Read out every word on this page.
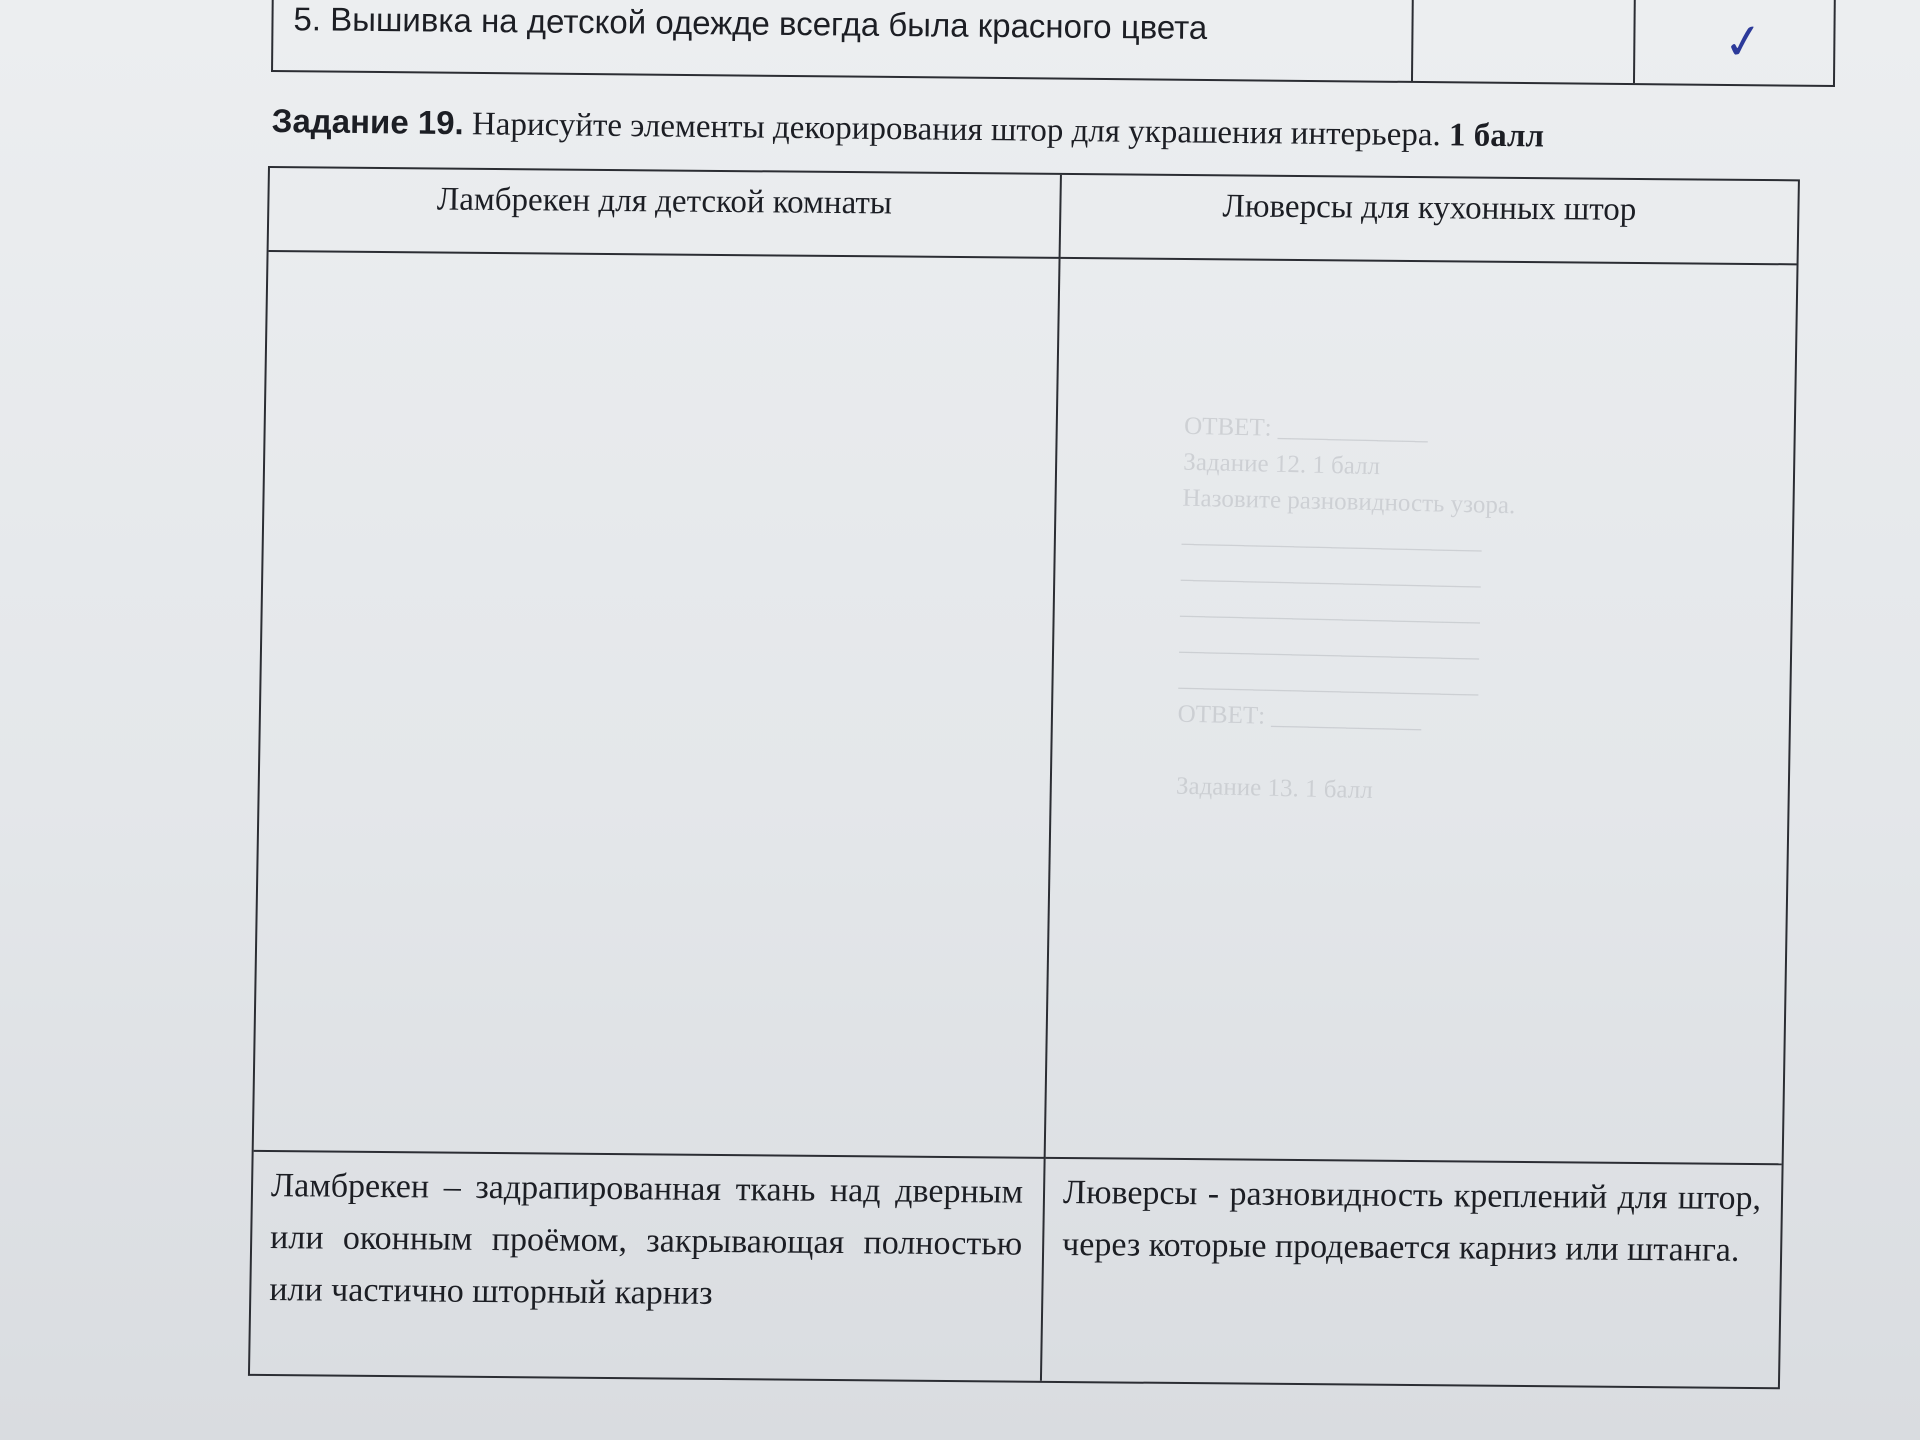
ОТВЕТ: ____________
Задание 12. 1 балл
Назовите разновидность узора.
________________________
________________________
________________________
________________________
________________________
ОТВЕТ: ____________

Задание 13. 1 балл
5. Вышивка на детской одежде всегда была красного цвета	✓
Задание 19. Нарисуйте элементы декорирования штор для украшения интерьера. 1 балл
Ламбрекен для детской комнаты	Люверсы для кухонных штор
Ламбрекен – задрапированная ткань над дверным или оконным проёмом, закрывающая полностью или частично шторный карниз
Люверсы - разновидность креплений для штор, через которые продевается карниз или штанга.
